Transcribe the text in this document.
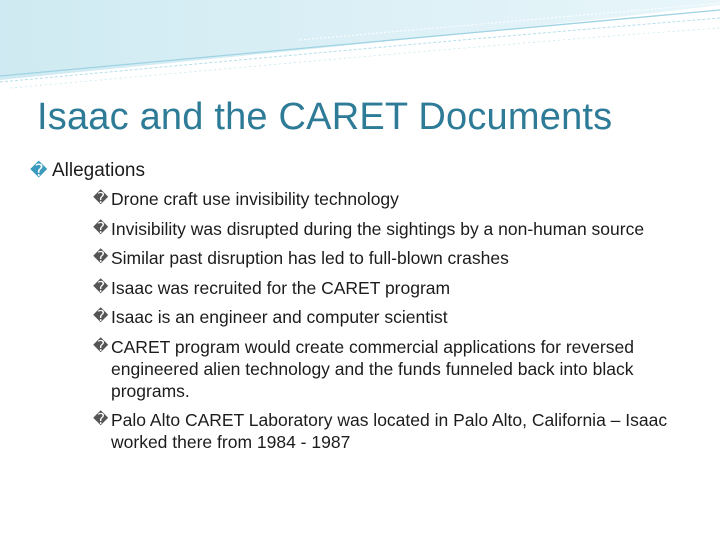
Isaac and the CARET Documents
� Allegations
� Drone craft use invisibility technology
� Invisibility was disrupted during the sightings by a non-human source
� Similar past disruption has led to full-blown crashes
� Isaac was recruited for the CARET program
� Isaac is an engineer and computer scientist
� CARET program would create commercial applications for reversed engineered alien technology and the funds funneled back into black programs.
� Palo Alto CARET Laboratory was located in Palo Alto, California – Isaac worked there from 1984 - 1987
